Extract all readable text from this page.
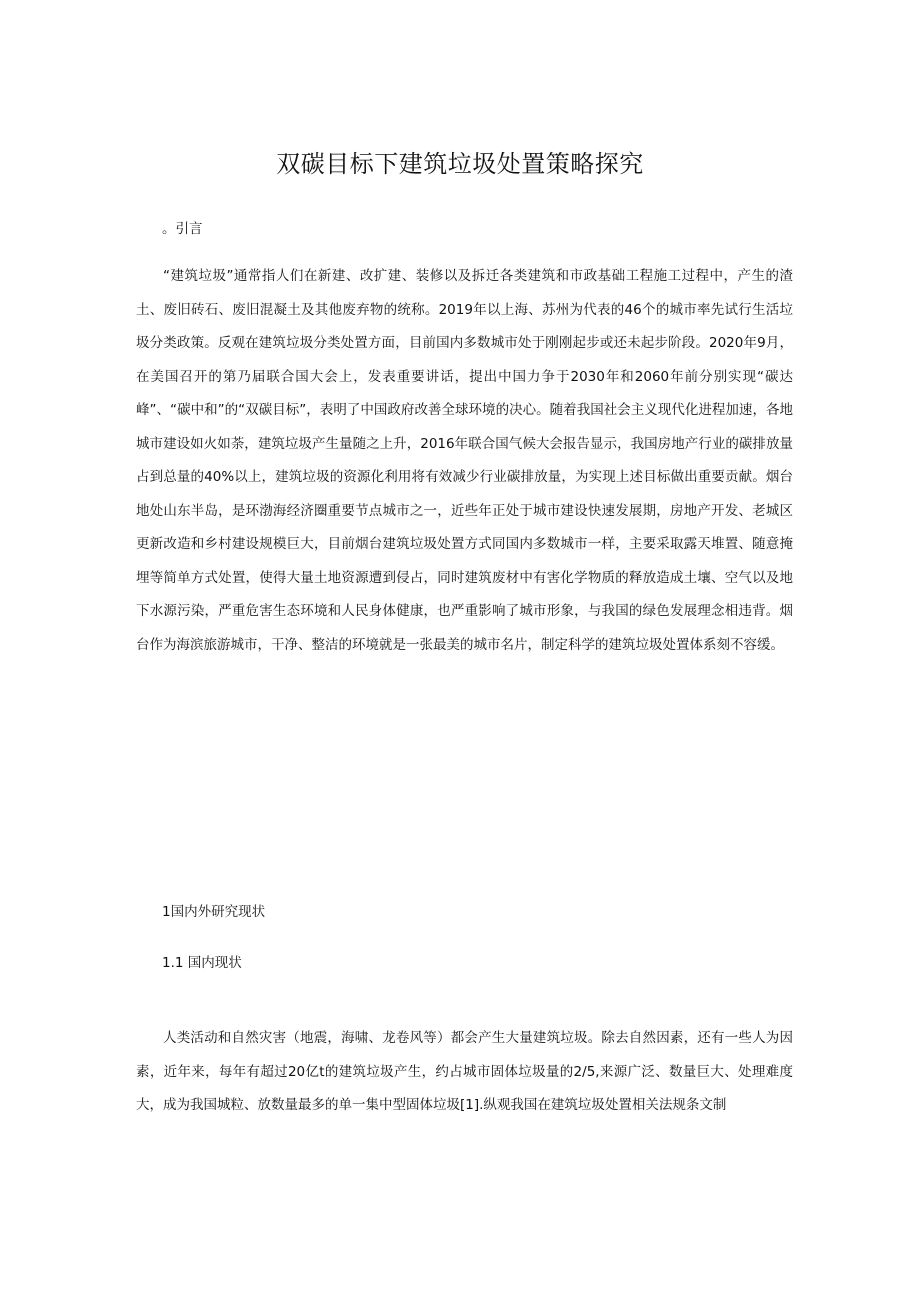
双碳目标下建筑垃圾处置策略探究

。引言

“建筑垃圾”通常指人们在新建、改扩建、装修以及拆迁各类建筑和市政基础工程施工过程中，产生的渣土、废旧砖石、废旧混凝土及其他废弃物的统称。2019年以上海、苏州为代表的46个的城市率先试行生活垃圾分类政策。反观在建筑垃圾分类处置方面，目前国内多数城市处于刚刚起步或还未起步阶段。2020年9月，在美国召开的第乃届联合国大会上，发表重要讲话，提出中国力争于2030年和2060年前分别实现“碳达峰”、“碳中和”的“双碳目标”，表明了中国政府改善全球环境的决心。随着我国社会主义现代化进程加速，各地城市建设如火如荼，建筑垃圾产生量随之上升，2016年联合国气候大会报告显示，我国房地产行业的碳排放量占到总量的40%以上，建筑垃圾的资源化利用将有效减少行业碳排放量，为实现上述目标做出重要贡献。烟台地处山东半岛，是环渤海经济圈重要节点城市之一，近些年正处于城市建设快速发展期，房地产开发、老城区更新改造和乡村建设规模巨大，目前烟台建筑垃圾处置方式同国内多数城市一样，主要采取露天堆置、随意掩埋等简单方式处置，使得大量土地资源遭到侵占，同时建筑废材中有害化学物质的释放造成土壤、空气以及地下水源污染，严重危害生态环境和人民身体健康，也严重影响了城市形象，与我国的绿色发展理念相违背。烟台作为海滨旅游城市，干净、整洁的环境就是一张最美的城市名片，制定科学的建筑垃圾处置体系刻不容缓。

1国内外研究现状

1.1 国内现状

人类活动和自然灾害（地震，海啸、龙卷风等）都会产生大量建筑垃圾。除去自然因素，还有一些人为因素，近年来，每年有超过20亿t的建筑垃圾产生，约占城市固体垃圾量的2/5,来源广泛、数量巨大、处理难度大，成为我国城粒、放数量最多的单一集中型固体垃圾[1].纵观我国在建筑垃圾处置相关法规条文制
